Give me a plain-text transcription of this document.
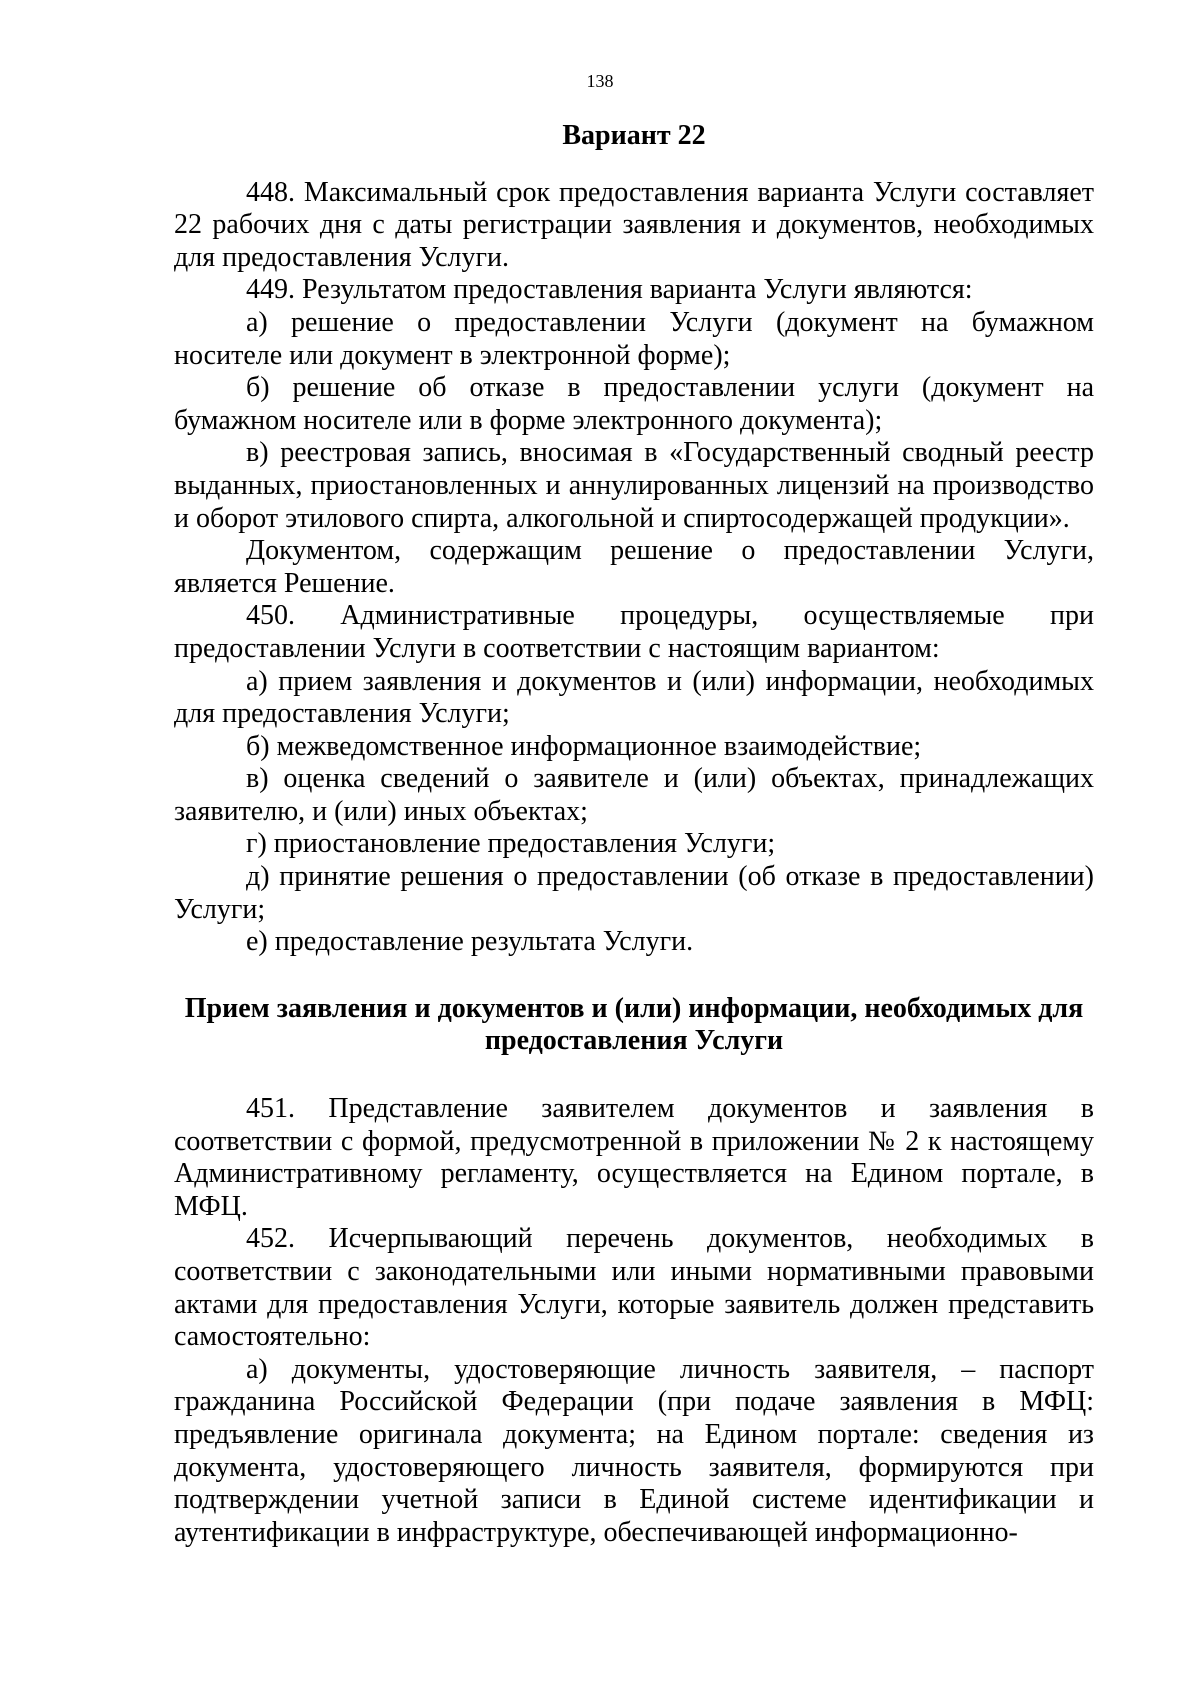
138
Вариант 22

448. Максимальный срок предоставления варианта Услуги составляет 22 рабочих дня с даты регистрации заявления и документов, необходимых для предоставления Услуги.

449. Результатом предоставления варианта Услуги являются:

а) решение о предоставлении Услуги (документ на бумажном носителе или документ в электронной форме);

б) решение об отказе в предоставлении услуги (документ на бумажном носителе или в форме электронного документа);

в) реестровая запись, вносимая в «Государственный сводный реестр выданных, приостановленных и аннулированных лицензий на производство и оборот этилового спирта, алкогольной и спиртосодержащей продукции».

Документом, содержащим решение о предоставлении Услуги, является Решение.

450. Административные процедуры, осуществляемые при предоставлении Услуги в соответствии с настоящим вариантом:

а) прием заявления и документов и (или) информации, необходимых для предоставления Услуги;

б) межведомственное информационное взаимодействие;

в) оценка сведений о заявителе и (или) объектах, принадлежащих заявителю, и (или) иных объектах;

г) приостановление предоставления Услуги;

д) принятие решения о предоставлении (об отказе в предоставлении) Услуги;

е) предоставление результата Услуги.

Прием заявления и документов и (или) информации, необходимых для предоставления Услуги

451. Представление заявителем документов и заявления в соответствии с формой, предусмотренной в приложении № 2 к настоящему Административному регламенту, осуществляется на Едином портале, в МФЦ.

452. Исчерпывающий перечень документов, необходимых в соответствии с законодательными или иными нормативными правовыми актами для предоставления Услуги, которые заявитель должен представить самостоятельно:

а) документы, удостоверяющие личность заявителя, – паспорт гражданина Российской Федерации (при подаче заявления в МФЦ: предъявление оригинала документа; на Едином портале: сведения из документа, удостоверяющего личность заявителя, формируются при подтверждении учетной записи в Единой системе идентификации и аутентификации в инфраструктуре, обеспечивающей информационно-
